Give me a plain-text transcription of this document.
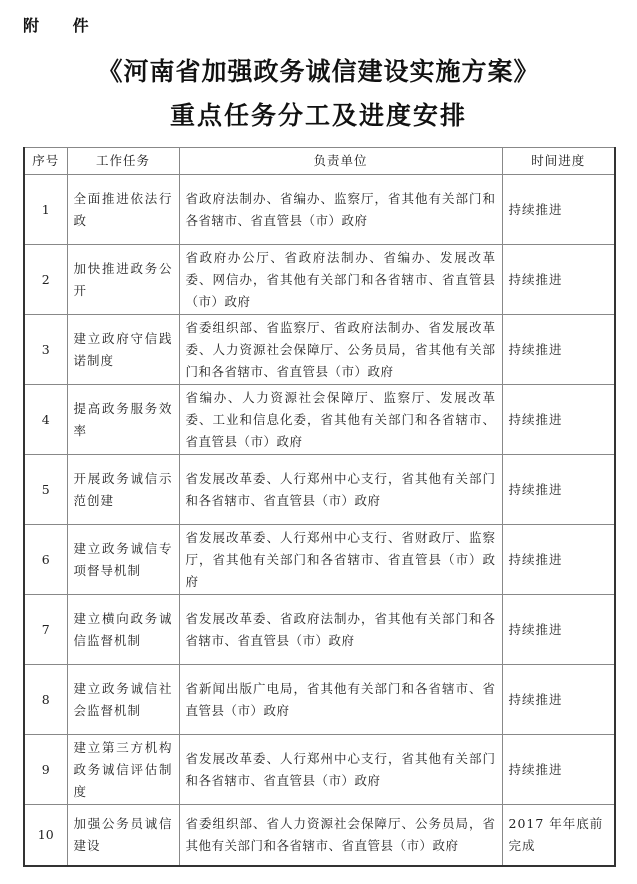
附 件
《河南省加强政务诚信建设实施方案》
重点任务分工及进度安排
序号	工作任务	负责单位	时间进度
1	全面推进依法行政	省政府法制办、省编办、监察厅，省其他有关部门和各省辖市、省直管县（市）政府	持续推进
2	加快推进政务公开	省政府办公厅、省政府法制办、省编办、发展改革委、网信办，省其他有关部门和各省辖市、省直管县（市）政府	持续推进
3	建立政府守信践诺制度	省委组织部、省监察厅、省政府法制办、省发展改革委、人力资源社会保障厅、公务员局，省其他有关部门和各省辖市、省直管县（市）政府	持续推进
4	提高政务服务效率	省编办、人力资源社会保障厅、监察厅、发展改革委、工业和信息化委，省其他有关部门和各省辖市、省直管县（市）政府	持续推进
5	开展政务诚信示范创建	省发展改革委、人行郑州中心支行，省其他有关部门和各省辖市、省直管县（市）政府	持续推进
6	建立政务诚信专项督导机制	省发展改革委、人行郑州中心支行、省财政厅、监察厅，省其他有关部门和各省辖市、省直管县（市）政府	持续推进
7	建立横向政务诚信监督机制	省发展改革委、省政府法制办，省其他有关部门和各省辖市、省直管县（市）政府	持续推进
8	建立政务诚信社会监督机制	省新闻出版广电局，省其他有关部门和各省辖市、省直管县（市）政府	持续推进
9	建立第三方机构政务诚信评估制度	省发展改革委、人行郑州中心支行，省其他有关部门和各省辖市、省直管县（市）政府	持续推进
10	加强公务员诚信建设	省委组织部、省人力资源社会保障厅、公务员局，省其他有关部门和各省辖市、省直管县（市）政府	2017 年年底前完成
